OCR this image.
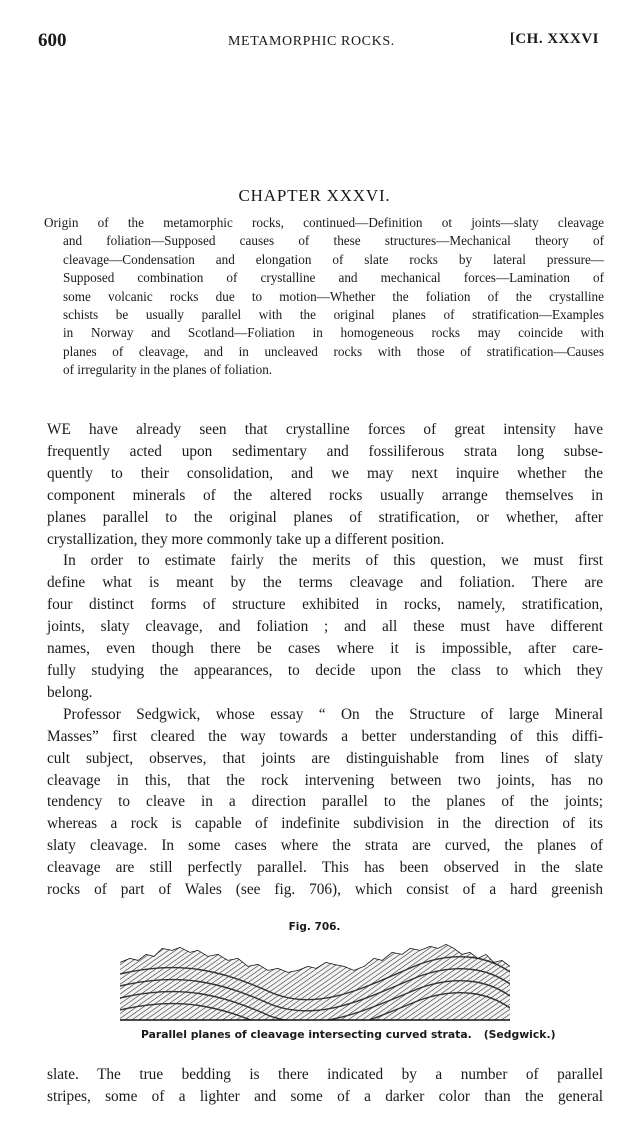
600	METAMORPHIC ROCKS.	[CH. XXXVI
CHAPTER XXXVI.
Origin of the metamorphic rocks, continued—Definition ot joints—slaty cleavage
and foliation—Supposed causes of these structures—Mechanical theory of
cleavage—Condensation and elongation of slate rocks by lateral pressure—
Supposed combination of crystalline and mechanical forces—Lamination of
some volcanic rocks due to motion—Whether the foliation of the crystalline
schists be usually parallel with the original planes of stratification—Examples
in Norway and Scotland—Foliation in homogeneous rocks may coincide with
planes of cleavage, and in uncleaved rocks with those of stratification—Causes
of irregularity in the planes of foliation.
WE have already seen that crystalline forces of great intensity have
frequently acted upon sedimentary and fossiliferous strata long subse-
quently to their consolidation, and we may next inquire whether the
component minerals of the altered rocks usually arrange themselves in
planes parallel to the original planes of stratification, or whether, after
crystallization, they more commonly take up a different position.
In order to estimate fairly the merits of this question, we must first
define what is meant by the terms cleavage and foliation. There are
four distinct forms of structure exhibited in rocks, namely, stratification,
joints, slaty cleavage, and foliation ; and all these must have different
names, even though there be cases where it is impossible, after care-
fully studying the appearances, to decide upon the class to which they
belong.
Professor Sedgwick, whose essay “ On the Structure of large Mineral
Masses” first cleared the way towards a better understanding of this diffi-
cult subject, observes, that joints are distinguishable from lines of slaty
cleavage in this, that the rock intervening between two joints, has no
tendency to cleave in a direction parallel to the planes of the joints;
whereas a rock is capable of indefinite subdivision in the direction of its
slaty cleavage. In some cases where the strata are curved, the planes of
cleavage are still perfectly parallel. This has been observed in the slate
rocks of part of Wales (see fig. 706), which consist of a hard greenish
Fig. 706.
Parallel planes of cleavage intersecting curved strata. (Sedgwick.)
slate. The true bedding is there indicated by a number of parallel
stripes, some of a lighter and some of a darker color than the general
